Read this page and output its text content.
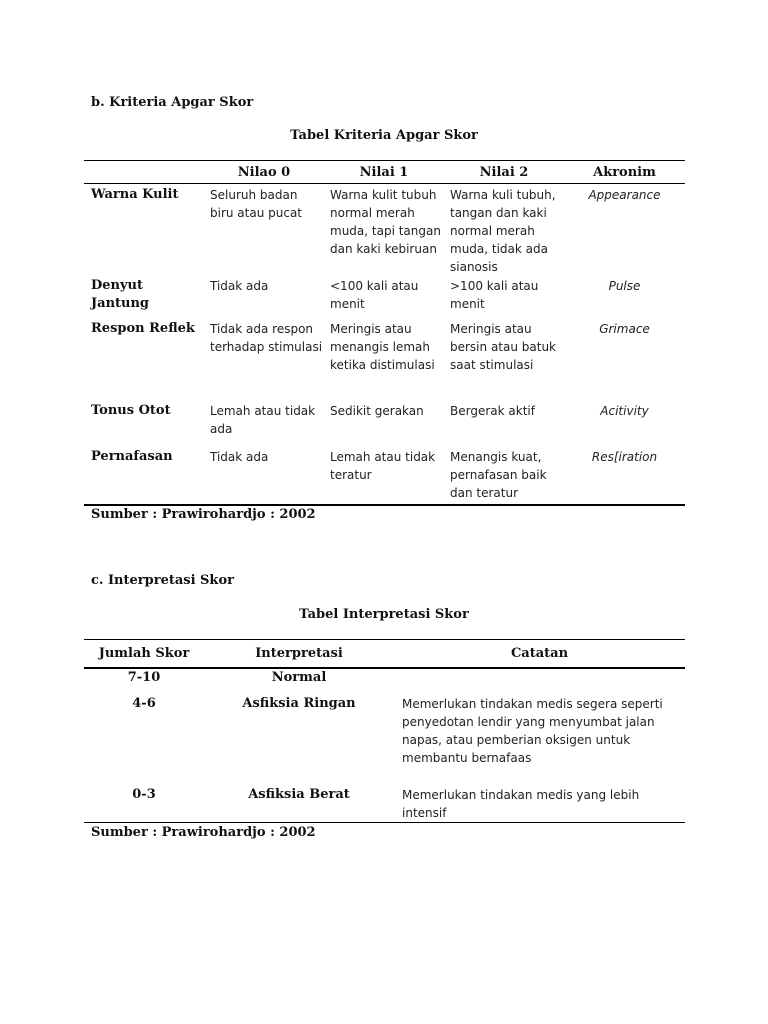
b. Kriteria Apgar Skor
Tabel Kriteria Apgar Skor
	Nilao 0	Nilai 1	Nilai 2	Akronim
Warna Kulit	Seluruh badan biru atau pucat	Warna kulit tubuh normal merah muda, tapi tangan dan kaki kebiruan	Warna kuli tubuh, tangan dan kaki normal merah muda, tidak ada sianosis	Appearance
Denyut Jantung	Tidak ada	<100 kali atau menit	>100 kali atau menit	Pulse
Respon Reflek	Tidak ada respon terhadap stimulasi	Meringis atau menangis lemah ketika distimulasi	Meringis atau bersin atau batuk saat stimulasi	Grimace
Tonus Otot	Lemah atau tidak ada	Sedikit gerakan	Bergerak aktif	Acitivity
Pernafasan	Tidak ada	Lemah atau tidak teratur	Menangis kuat, pernafasan baik dan teratur	Res[iration
Sumber : Prawirohardjo : 2002
c. Interpretasi Skor
Tabel Interpretasi Skor
Jumlah Skor	Interpretasi	Catatan
7-10	Normal	
4-6	Asfiksia Ringan	Memerlukan tindakan medis segera seperti penyedotan lendir yang menyumbat jalan napas, atau pemberian oksigen untuk membantu bernafaas
0-3	Asfiksia Berat	Memerlukan tindakan medis yang lebih intensif
Sumber : Prawirohardjo : 2002
